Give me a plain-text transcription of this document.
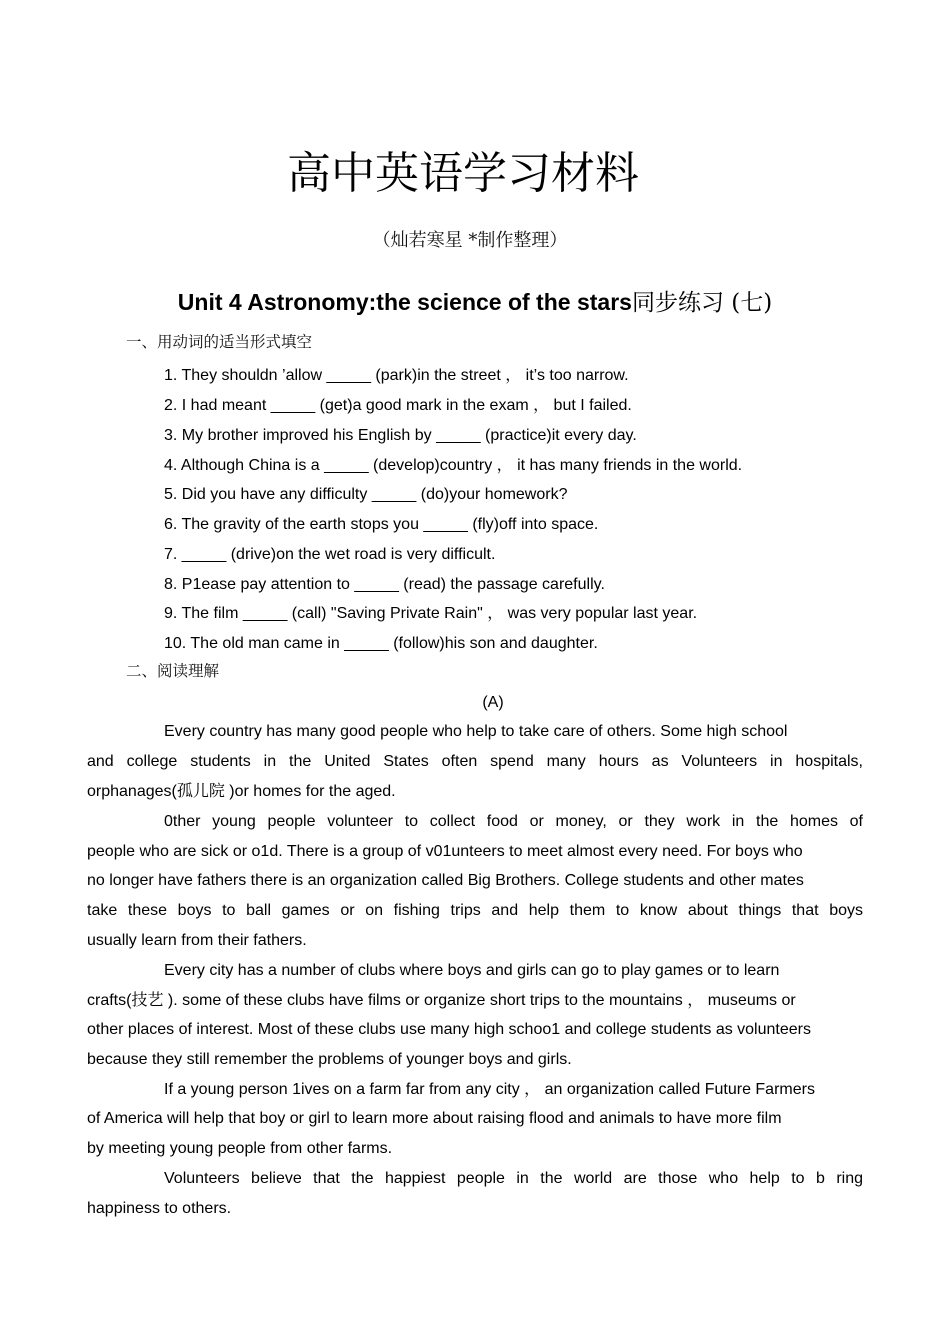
高中英语学习材料
（灿若寒星 *制作整理）
Unit 4 Astronomy:the science of the stars同步练习 (七)
一、用动词的适当形式填空
1. They shouldn ’allow _____ (park)in the street ， it’s too narrow.
2. I had meant _____ (get)a good mark in the exam ， but I failed.
3. My brother improved his English by _____ (practice)it every day.
4. Although China is a _____ (develop)country ， it has many friends in the world.
5. Did you have any difficulty _____ (do)your homework?
6. The gravity of the earth stops you _____ (fly)off into space.
7. _____ (drive)on the wet road is very difficult.
8. P1ease pay attention to _____ (read) the passage carefully.
9. The film _____ (call) "Saving Private Rain" ， was very popular last year.
10. The old man came in _____ (follow)his son and daughter.
二、阅读理解
(A)
Every country has many good people who help to take care of others. Some high school
and college students in the United States often spend many hours as Volunteers in hospitals,
orphanages(孤儿院 )or homes for the aged.
0ther young people volunteer to collect food or money, or they work in the homes of
people who are sick or o1d. There is a group of v01unteers to meet almost every need. For boys who
no longer have fathers there is an organization called Big Brothers. College students and other mates
take these boys to ball games or on fishing trips and help them to know about things that boys
usually learn from their fathers.
Every city has a number of clubs where boys and girls can go to play games or to learn
crafts(技艺 ). some of these clubs have films or organize short trips to the mountains ， museums or
other places of interest. Most of these clubs use many high schoo1 and college students as volunteers
because they still remember the problems of younger boys and girls.
If a young person 1ives on a farm far from any city ， an organization called Future Farmers
of America will help that boy or girl to learn more about raising flood and animals to have more film
by meeting young people from other farms.
Volunteers believe that the happiest people in the world are those who help to b ring
happiness to others.
